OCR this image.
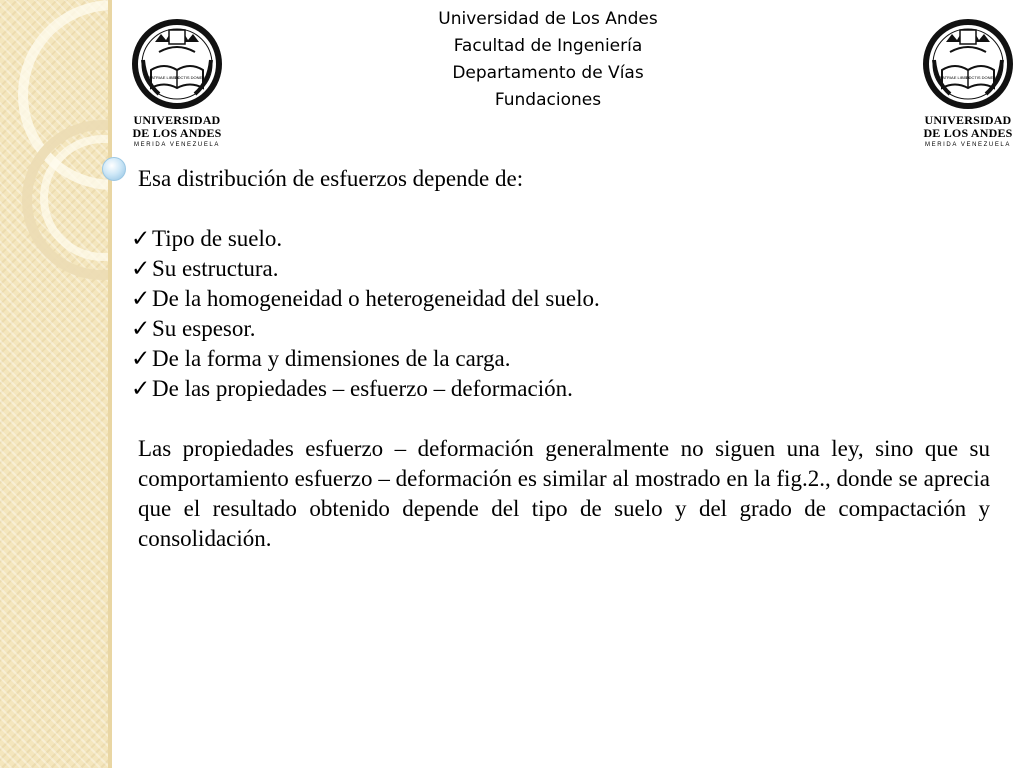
Universidad de Los Andes
Facultad de Ingeniería
Departamento de Vías
Fundaciones
PATRIAE LIBERI
DOCTIS DONEM
UNIVERSIDAD
DE LOS ANDES
MERIDA VENEZUELA
PATRIAE LIBERI
DOCTIS DONEM
UNIVERSIDAD
DE LOS ANDES
MERIDA VENEZUELA

Esa distribución de esfuerzos depende de:

✓ Tipo de suelo.
✓ Su estructura.
✓ De la homogeneidad o heterogeneidad del suelo.
✓ Su espesor.
✓ De la forma y dimensiones de la carga.
✓ De las propiedades – esfuerzo – deformación.

Las propiedades esfuerzo – deformación generalmente no siguen una ley, sino que su comportamiento esfuerzo – deformación es similar al mostrado en la fig.2., donde se aprecia que el resultado obtenido depende del tipo de suelo y del grado de compactación y consolidación.
